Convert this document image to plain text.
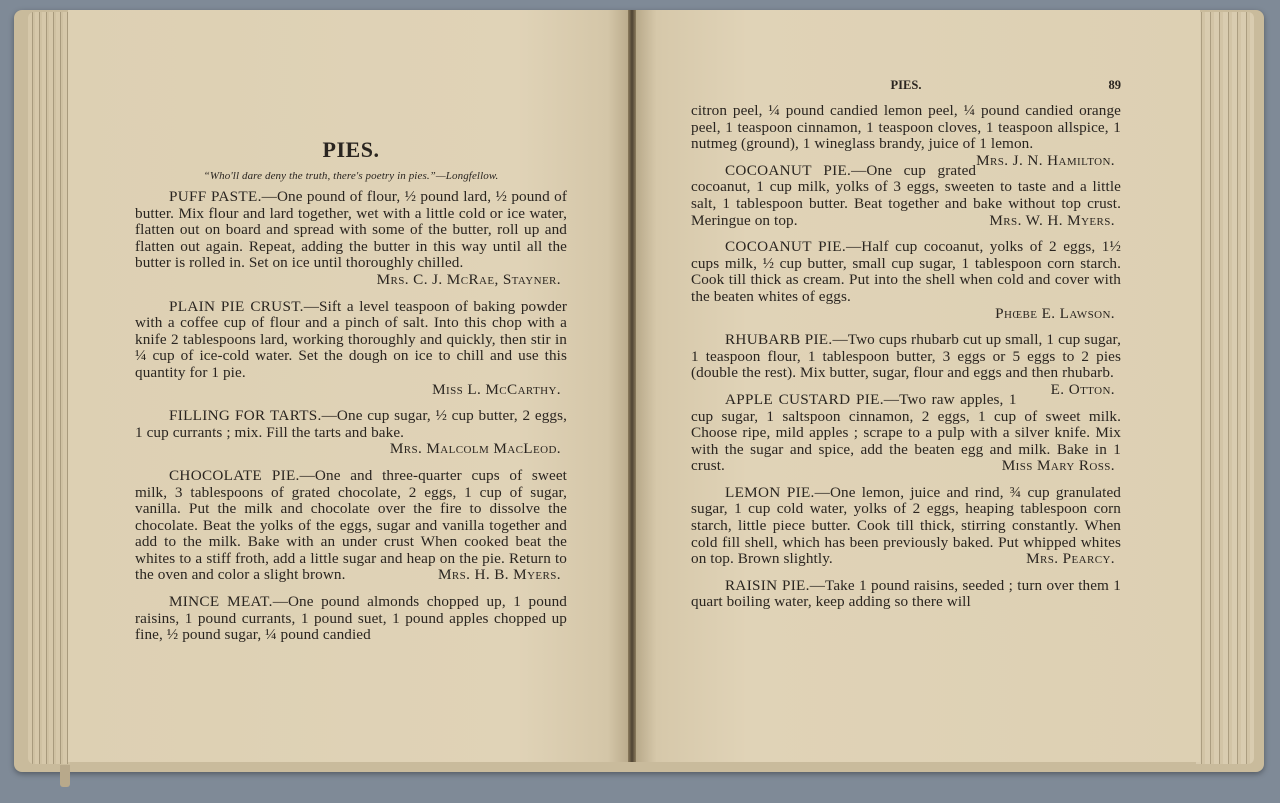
PIES.
“Who'll dare deny the truth, there's poetry in pies.”—Longfellow.

PUFF PASTE.—One pound of flour, ½ pound lard, ½ pound of butter. Mix flour and lard together, wet with a little cold or ice water, flatten out on board and spread with some of the butter, roll up and flatten out again. Repeat, adding the butter in this way until all the butter is rolled in. Set on ice until thoroughly chilled.

Mrs. C. J. McRae, Stayner.

PLAIN PIE CRUST.—Sift a level teaspoon of baking powder with a coffee cup of flour and a pinch of salt. Into this chop with a knife 2 tablespoons lard, working thoroughly and quickly, then stir in ¼ cup of ice-cold water. Set the dough on ice to chill and use this quantity for 1 pie.

Miss L. McCarthy.

FILLING FOR TARTS.—One cup sugar, ½ cup butter, 2 eggs, 1 cup currants ; mix. Fill the tarts and bake.

Mrs. Malcolm MacLeod.

CHOCOLATE PIE.—One and three-quarter cups of sweet milk, 3 tablespoons of grated chocolate, 2 eggs, 1 cup of sugar, vanilla. Put the milk and chocolate over the fire to dissolve the chocolate. Beat the yolks of the eggs, sugar and vanilla together and add to the milk. Bake with an under crust When cooked beat the whites to a stiff froth, add a little sugar and heap on the pie. Return to the oven and color a slight brown.	Mrs. H. B. Myers.

MINCE MEAT.—One pound almonds chopped up, 1 pound raisins, 1 pound currants, 1 pound suet, 1 pound apples chopped up fine, ½ pound sugar, ¼ pound candied

PIES.	89

citron peel, ¼ pound candied lemon peel, ¼ pound candied orange peel, 1 teaspoon cinnamon, 1 teaspoon cloves, 1 teaspoon allspice, 1 nutmeg (ground), 1 wineglass brandy, juice of 1 lemon.
Mrs. J. N. Hamilton.

COCOANUT PIE.—One cup grated cocoanut, 1 cup milk, yolks of 3 eggs, sweeten to taste and a little salt, 1 tablespoon butter. Beat together and bake without top crust. Meringue on top.	Mrs. W. H. Myers.

COCOANUT PIE.—Half cup cocoanut, yolks of 2 eggs, 1½ cups milk, ½ cup butter, small cup sugar, 1 tablespoon corn starch. Cook till thick as cream. Put into the shell when cold and cover with the beaten whites of eggs.

Phœbe E. Lawson.

RHUBARB PIE.—Two cups rhubarb cut up small, 1 cup sugar, 1 teaspoon flour, 1 tablespoon butter, 3 eggs or 5 eggs to 2 pies (double the rest). Mix butter, sugar, flour and eggs and then rhubarb.
E. Otton.

APPLE CUSTARD PIE.—Two raw apples, 1 cup sugar, 1 saltspoon cinnamon, 2 eggs, 1 cup of sweet milk. Choose ripe, mild apples ; scrape to a pulp with a silver knife. Mix with the sugar and spice, add the beaten egg and milk. Bake in 1 crust.	Miss Mary Ross.

LEMON PIE.—One lemon, juice and rind, ¾ cup granulated sugar, 1 cup cold water, yolks of 2 eggs, heaping tablespoon corn starch, little piece butter. Cook till thick, stirring constantly. When cold fill shell, which has been previously baked. Put whipped whites on top. Brown slightly.	Mrs. Pearcy.

RAISIN PIE.—Take 1 pound raisins, seeded ; turn over them 1 quart boiling water, keep adding so there will
